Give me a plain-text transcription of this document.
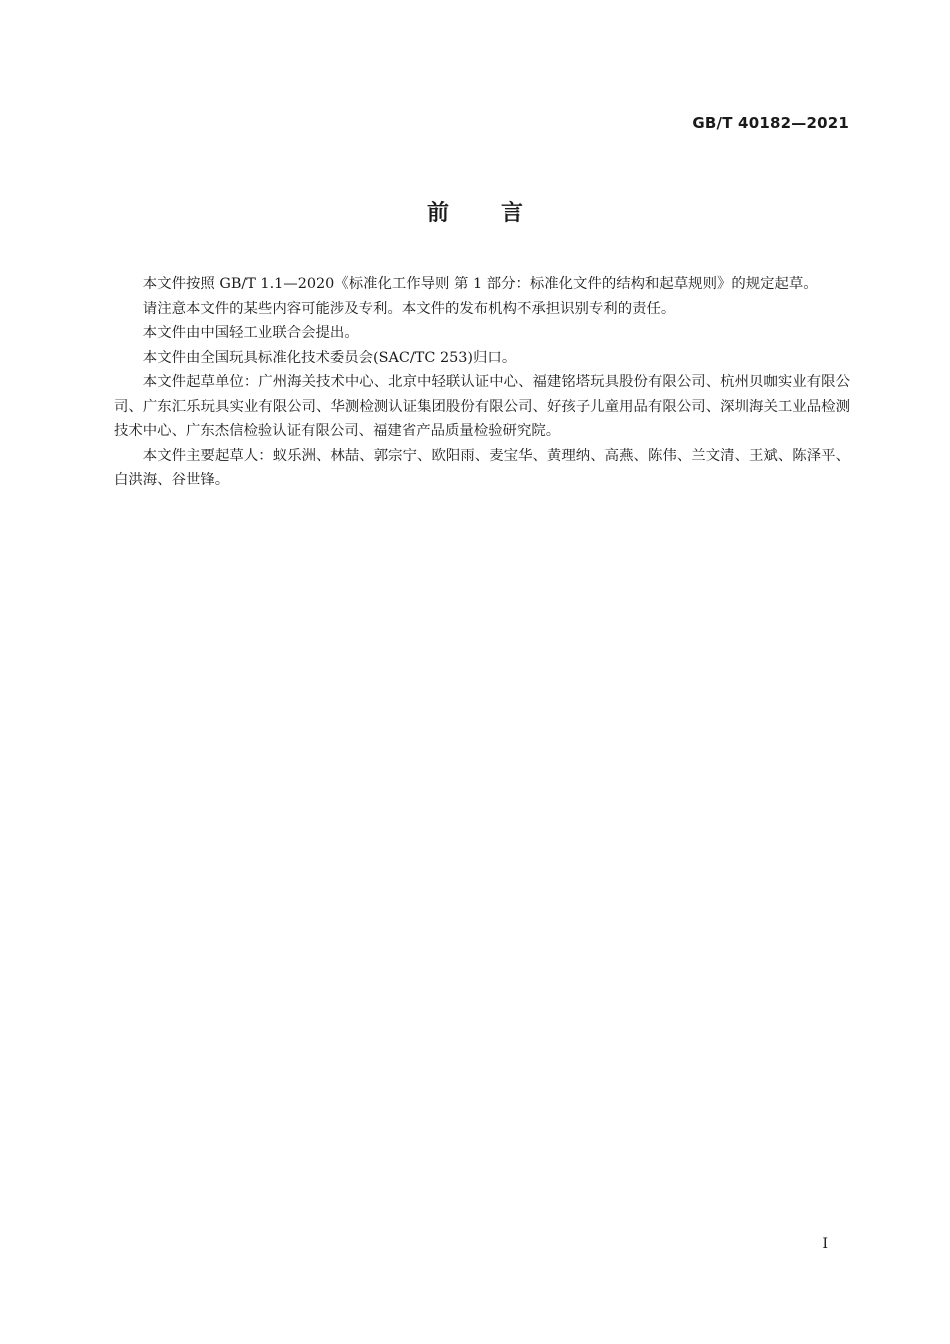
GB/T 40182—2021
前 言

本文件按照 GB/T 1.1—2020《标准化工作导则 第 1 部分：标准化文件的结构和起草规则》的规定起草。

请注意本文件的某些内容可能涉及专利。本文件的发布机构不承担识别专利的责任。

本文件由中国轻工业联合会提出。

本文件由全国玩具标准化技术委员会(SAC/TC 253)归口。

本文件起草单位：广州海关技术中心、北京中轻联认证中心、福建铭塔玩具股份有限公司、杭州贝咖实业有限公司、广东汇乐玩具实业有限公司、华测检测认证集团股份有限公司、好孩子儿童用品有限公司、深圳海关工业品检测技术中心、广东杰信检验认证有限公司、福建省产品质量检验研究院。

本文件主要起草人：蚁乐洲、林喆、郭宗宁、欧阳雨、麦宝华、黄理纳、高燕、陈伟、兰文清、王斌、陈泽平、白洪海、谷世锋。

I
